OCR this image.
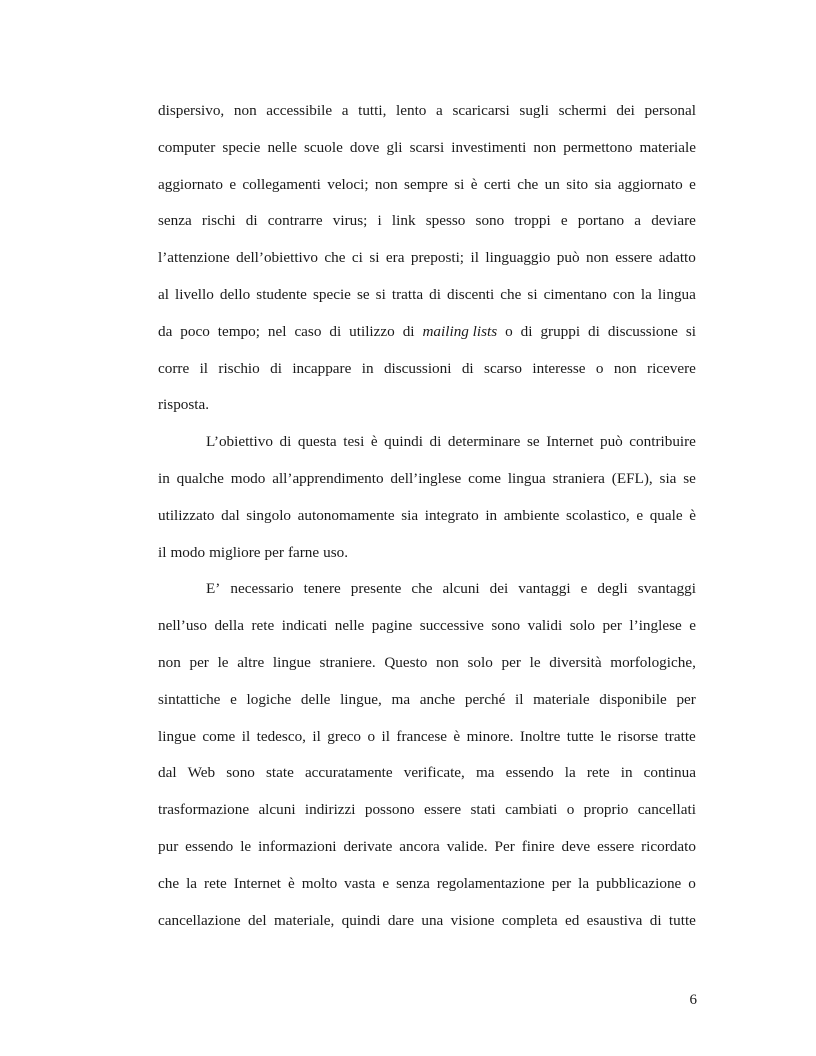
dispersivo, non accessibile a tutti, lento a scaricarsi sugli schermi dei personal
computer specie nelle scuole dove gli scarsi investimenti non permettono materiale
aggiornato e collegamenti veloci; non sempre si è certi che un sito sia aggiornato e
senza rischi di contrarre virus; i link spesso sono troppi e portano a deviare
l’attenzione dell’obiettivo che ci si era preposti; il linguaggio può non essere adatto
al livello dello studente specie se si tratta di discenti che si cimentano con la lingua
da poco tempo; nel caso di utilizzo di mailing lists o di gruppi di discussione si
corre il rischio di incappare in discussioni di scarso interesse o non ricevere
risposta.
L’obiettivo di questa tesi è quindi di determinare se Internet può contribuire
in qualche modo all’apprendimento dell’inglese come lingua straniera (EFL), sia se
utilizzato dal singolo autonomamente sia integrato in ambiente scolastico, e quale è
il modo migliore per farne uso.
E’ necessario tenere presente che alcuni dei vantaggi e degli svantaggi
nell’uso della rete indicati nelle pagine successive sono validi solo per l’inglese e
non per le altre lingue straniere. Questo non solo per le diversità morfologiche,
sintattiche e logiche delle lingue, ma anche perché il materiale disponibile per
lingue come il tedesco, il greco o il francese è minore. Inoltre tutte le risorse tratte
dal Web sono state accuratamente verificate, ma essendo la rete in continua
trasformazione alcuni indirizzi possono essere stati cambiati o proprio cancellati
pur essendo le informazioni derivate ancora valide. Per finire deve essere ricordato
che la rete Internet è molto vasta e senza regolamentazione per la pubblicazione o
cancellazione del materiale, quindi dare una visione completa ed esaustiva di tutte
6
